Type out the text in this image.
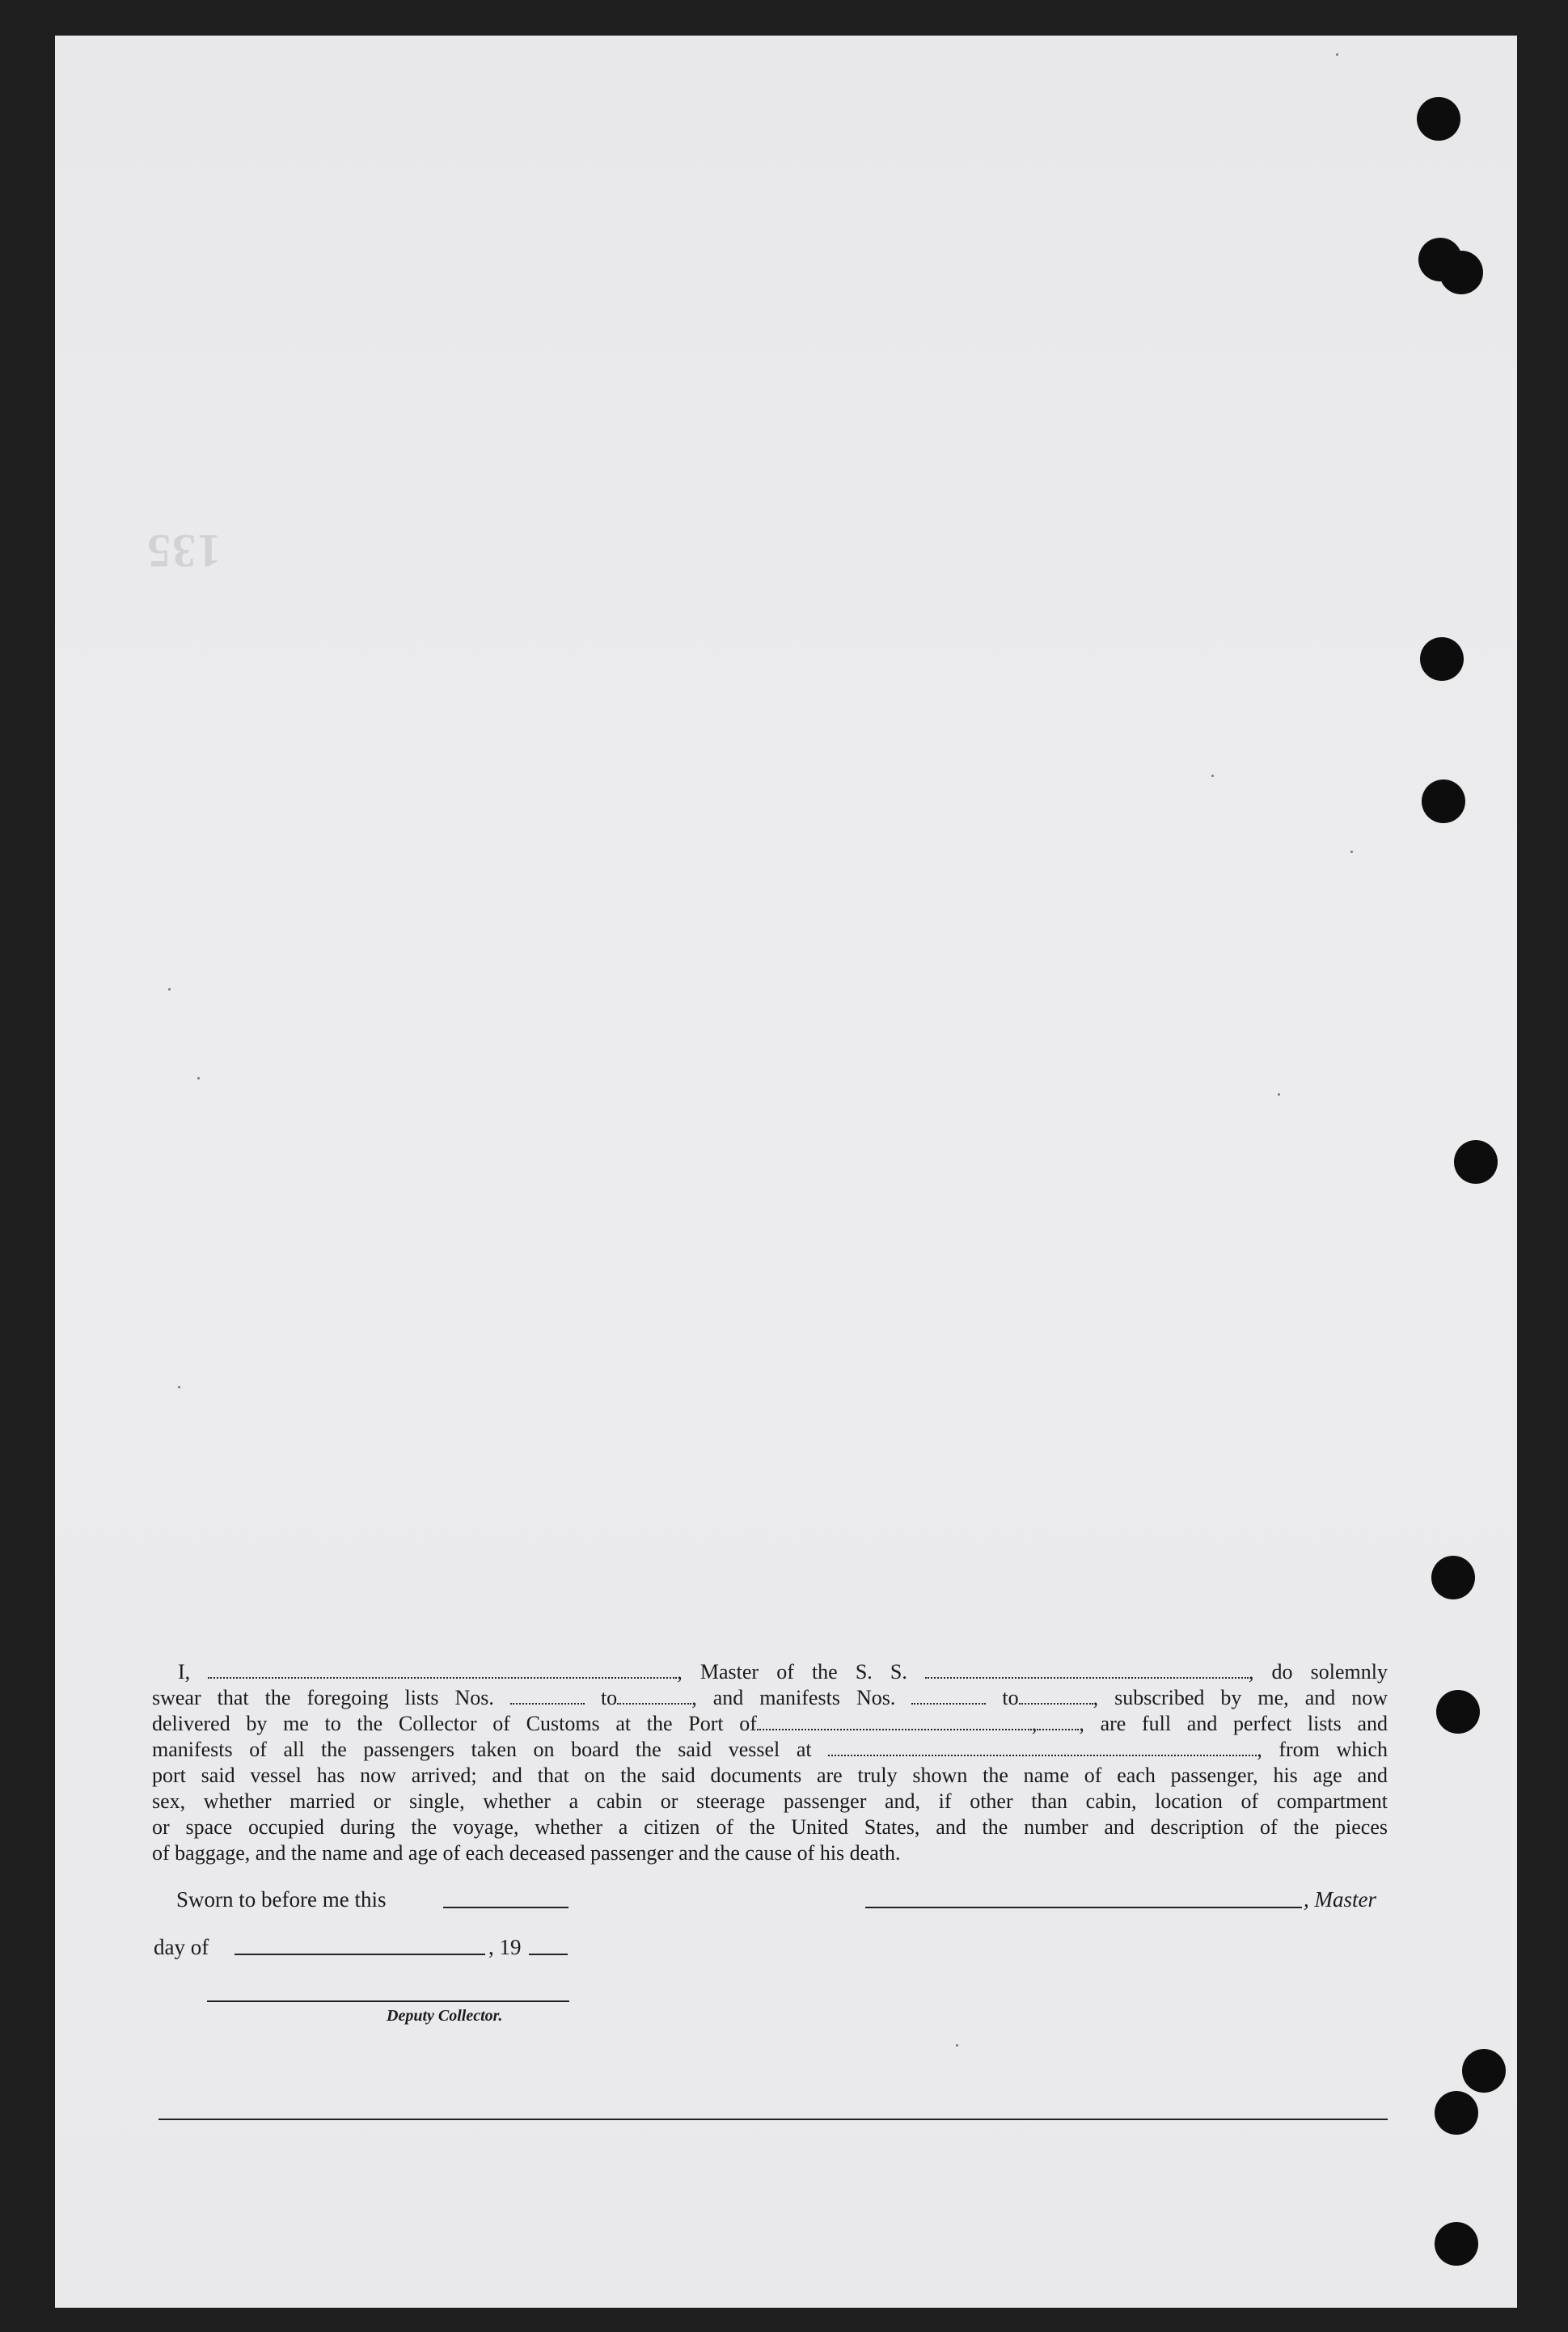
135
I,	, Master of the S. S.	, do solemnly
swear that the foregoing lists Nos.	to	, and manifests Nos.	to	, subscribed by me, and now
delivered by me to the Collector of Customs at the Port of	, , are full and perfect lists and
manifests of all the passengers taken on board the said vessel at	, from which
port said vessel has now arrived; and that on the said documents are truly shown the name of each passenger, his age and
sex, whether married or single, whether a cabin or steerage passenger and, if other than cabin, location of compartment
or space occupied during the voyage, whether a citizen of the United States, and the number and description of the pieces
of baggage, and the name and age of each deceased passenger and the cause of his death.
Sworn to before me this	, Master
day of	, 19
Deputy Collector.
